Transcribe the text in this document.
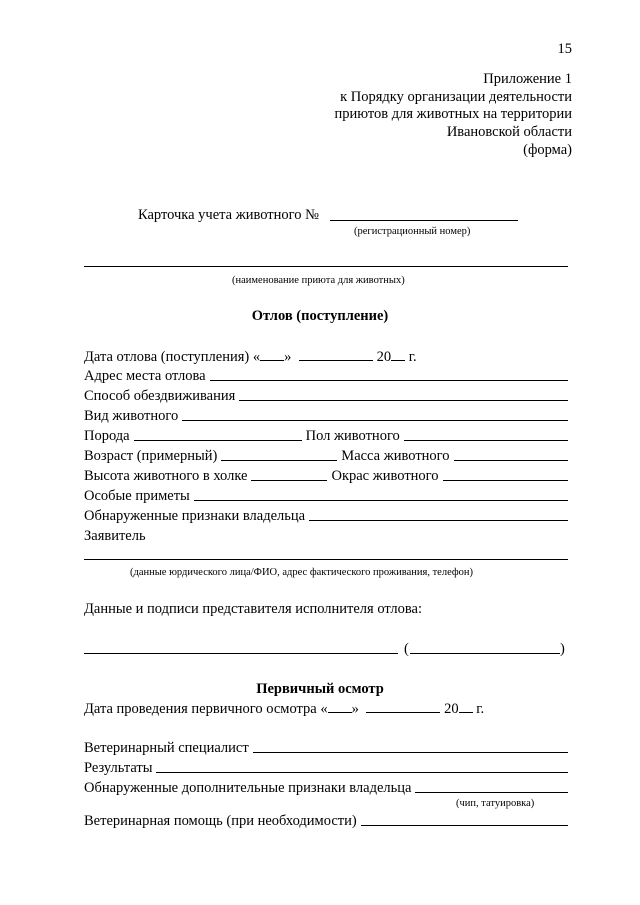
15
Приложение 1
к Порядку организации деятельности
приютов для животных на территории
Ивановской области
(форма)
Карточка учета животного №
(регистрационный номер)
(наименование приюта для животных)
Отлов (поступление)
Дата отлова (поступления) « »	20 г.
Адрес места отлова
Способ обездвиживания
Вид животного
Порода	Пол животного
Возраст (примерный)	Масса животного
Высота животного в холке	Окрас животного
Особые приметы
Обнаруженные признаки владельца
Заявитель
(данные юрдического лица/ФИО, адрес фактического проживания, телефон)
Данные и подписи представителя исполнителя отлова:
(	)
Первичный осмотр
Дата проведения первичного осмотра « »	20 г.
Ветеринарный специалист
Результаты
Обнаруженные дополнительные признаки владельца
(чип, татуировка)
Ветеринарная помощь (при необходимости)
